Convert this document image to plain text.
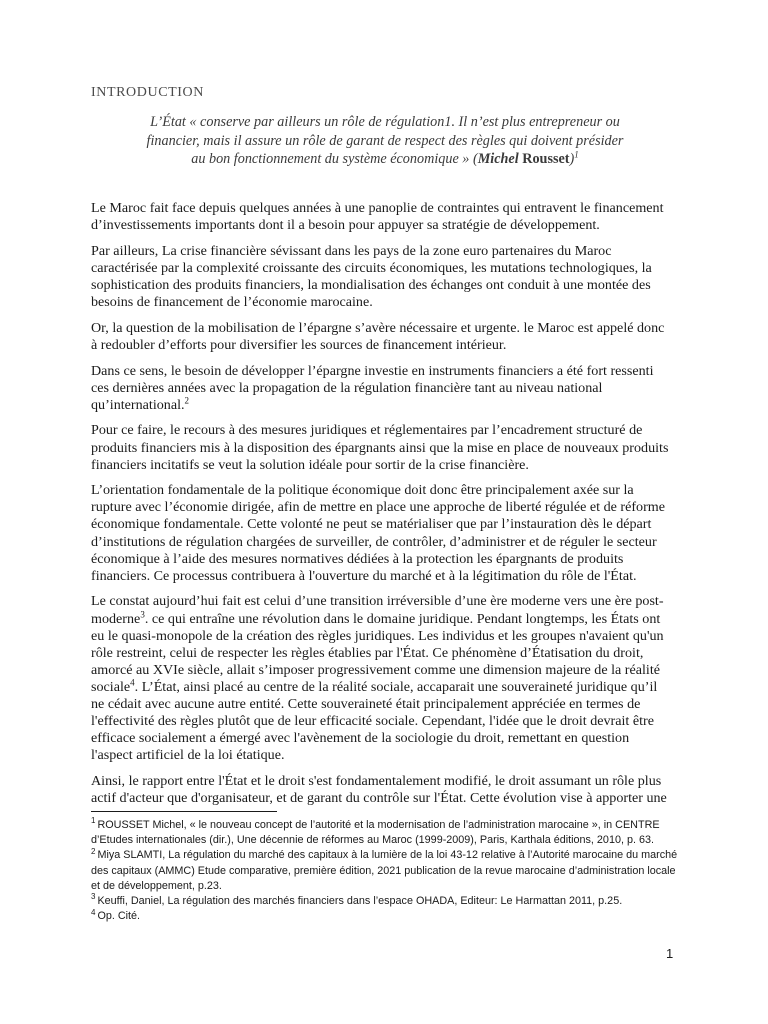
INTRODUCTION
L’État « conserve par ailleurs un rôle de régulation1. Il n’est plus entrepreneur ou financier, mais il assure un rôle de garant de respect des règles qui doivent présider au bon fonctionnement du système économique » (Michel Rousset)$^1$

Le Maroc fait face depuis quelques années à une panoplie de contraintes qui entravent le financement d’investissements importants dont il a besoin pour appuyer sa stratégie de développement.

Par ailleurs, La crise financière sévissant dans les pays de la zone euro partenaires du Maroc caractérisée par la complexité croissante des circuits économiques, les mutations technologiques, la sophistication des produits financiers, la mondialisation des échanges ont conduit à une montée des besoins de financement de l’économie marocaine.

Or, la question de la mobilisation de l’épargne s’avère nécessaire et urgente. le Maroc est appelé donc à redoubler d’efforts pour diversifier les sources de financement intérieur.

Dans ce sens, le besoin de développer l’épargne investie en instruments financiers a été fort ressenti ces dernières années avec la propagation de la régulation financière tant au niveau national qu’international.$^2$

Pour ce faire, le recours à des mesures juridiques et réglementaires par l’encadrement structuré de produits financiers mis à la disposition des épargnants ainsi que la mise en place de nouveaux produits financiers incitatifs se veut la solution idéale pour sortir de la crise financière.

L’orientation fondamentale de la politique économique doit donc être principalement axée sur la rupture avec l’économie dirigée, afin de mettre en place une approche de liberté régulée et de réforme économique fondamentale. Cette volonté ne peut se matérialiser que par l’instauration dès le départ d’institutions de régulation chargées de surveiller, de contrôler, d’administrer et de réguler le secteur économique à l’aide des mesures normatives dédiées à la protection les épargnants de produits financiers. Ce processus contribuera à l'ouverture du marché et à la légitimation du rôle de l'État.

Le constat aujourd’hui fait est celui d’une transition irréversible d’une ère moderne vers une ère post-moderne$^3$. ce qui entraîne une révolution dans le domaine juridique. Pendant longtemps, les États ont eu le quasi-monopole de la création des règles juridiques. Les individus et les groupes n'avaient qu'un rôle restreint, celui de respecter les règles établies par l'État. Ce phénomène d’Étatisation du droit, amorcé au XVIe siècle, allait s’imposer progressivement comme une dimension majeure de la réalité sociale$^4$. L’État, ainsi placé au centre de la réalité sociale, accaparait une souveraineté juridique qu’il ne cédait avec aucune autre entité. Cette souveraineté était principalement appréciée en termes de l'effectivité des règles plutôt que de leur efficacité sociale. Cependant, l'idée que le droit devrait être efficace socialement a émergé avec l'avènement de la sociologie du droit, remettant en question l'aspect artificiel de la loi étatique.

Ainsi, le rapport entre l'État et le droit s'est fondamentalement modifié, le droit assumant un rôle plus actif d'acteur que d'organisateur, et de garant du contrôle sur l'État. Cette évolution vise à apporter une

$^1$ ROUSSET Michel, « le nouveau concept de l’autorité et la modernisation de l’administration marocaine », in CENTRE d’Etudes internationales (dir.), Une décennie de réformes au Maroc (1999-2009), Paris, Karthala éditions, 2010, p. 63.

$^2$ Miya SLAMTI, La régulation du marché des capitaux à la lumière de la loi 43-12 relative à l’Autorité marocaine du marché des capitaux (AMMC) Etude comparative, première édition, 2021 publication de la revue marocaine d’administration locale et de développement, p.23.

$^3$ Keuffi, Daniel, La régulation des marchés financiers dans l’espace OHADA, Editeur: Le Harmattan 2011, p.25.

$^4$ Op. Cité.

1
